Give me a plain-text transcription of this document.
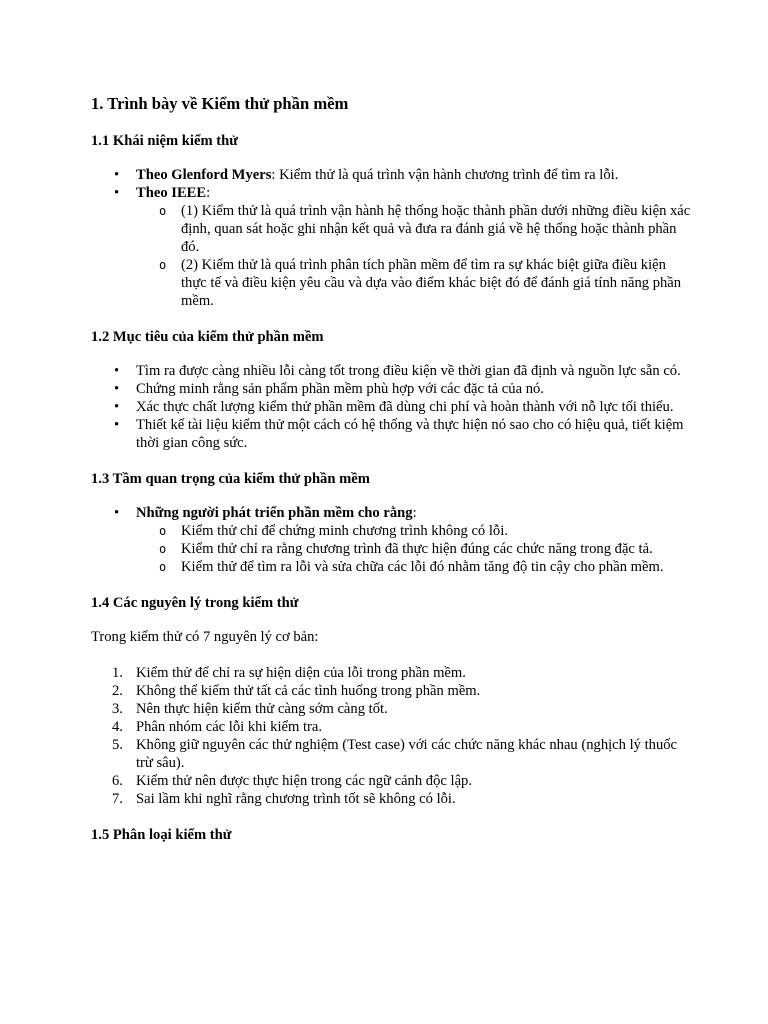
1. Trình bày về Kiểm thử phần mềm
1.1 Khái niệm kiểm thử
• Theo Glenford Myers: Kiểm thử là quá trình vận hành chương trình để tìm ra lỗi.
• Theo IEEE:
o (1) Kiểm thử là quá trình vận hành hệ thống hoặc thành phần dưới những điều kiện xác định, quan sát hoặc ghi nhận kết quả và đưa ra đánh giá về hệ thống hoặc thành phần đó.
o (2) Kiểm thử là quá trình phân tích phần mềm để tìm ra sự khác biệt giữa điều kiện thực tế và điều kiện yêu cầu và dựa vào điểm khác biệt đó để đánh giá tính năng phần mềm.
1.2 Mục tiêu của kiểm thử phần mềm
• Tìm ra được càng nhiều lỗi càng tốt trong điều kiện về thời gian đã định và nguồn lực sẵn có.
• Chứng minh rằng sản phẩm phần mềm phù hợp với các đặc tả của nó.
• Xác thực chất lượng kiểm thử phần mềm đã dùng chi phí và hoàn thành với nỗ lực tối thiểu.
• Thiết kế tài liệu kiểm thử một cách có hệ thống và thực hiện nó sao cho có hiệu quả, tiết kiệm thời gian công sức.
1.3 Tầm quan trọng của kiểm thử phần mềm
• Những người phát triển phần mềm cho rằng:
o Kiểm thử chỉ để chứng minh chương trình không có lỗi.
o Kiểm thử chỉ ra rằng chương trình đã thực hiện đúng các chức năng trong đặc tả.
o Kiểm thử để tìm ra lỗi và sửa chữa các lỗi đó nhằm tăng độ tin cậy cho phần mềm.
1.4 Các nguyên lý trong kiểm thử

Trong kiểm thử có 7 nguyên lý cơ bản:

1. Kiểm thử để chỉ ra sự hiện diện của lỗi trong phần mềm.
2. Không thể kiểm thử tất cả các tình huống trong phần mềm.
3. Nên thực hiện kiểm thử càng sớm càng tốt.
4. Phân nhóm các lỗi khi kiểm tra.
5. Không giữ nguyên các thử nghiệm (Test case) với các chức năng khác nhau (nghịch lý thuốc trừ sâu).
6. Kiểm thử nên được thực hiện trong các ngữ cảnh độc lập.
7. Sai lầm khi nghĩ rằng chương trình tốt sẽ không có lỗi.
1.5 Phân loại kiểm thử
